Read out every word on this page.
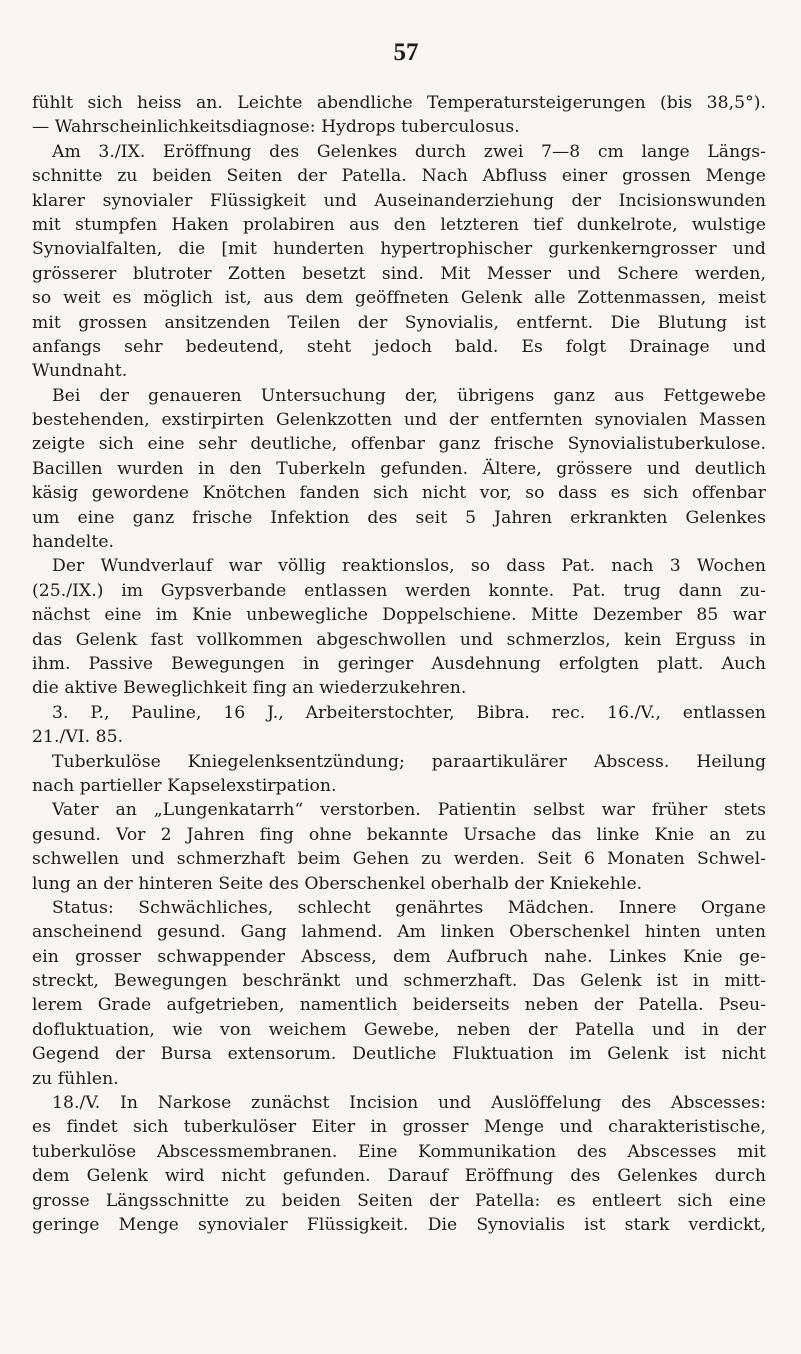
57
fühlt sich heiss an. Leichte abendliche Temperatursteigerungen (bis 38,5°).
— Wahrscheinlichkeitsdiagnose: Hydrops tuberculosus.
Am 3./IX. Eröffnung des Gelenkes durch zwei 7—8 cm lange Längs-
schnitte zu beiden Seiten der Patella. Nach Abfluss einer grossen Menge
klarer synovialer Flüssigkeit und Auseinanderziehung der Incisionswunden
mit stumpfen Haken prolabiren aus den letzteren tief dunkelrote, wulstige
Synovialfalten, die [mit hunderten hypertrophischer gurkenkerngrosser und
grösserer blutroter Zotten besetzt sind. Mit Messer und Schere werden,
so weit es möglich ist, aus dem geöffneten Gelenk alle Zottenmassen, meist
mit grossen ansitzenden Teilen der Synovialis, entfernt. Die Blutung ist
anfangs sehr bedeutend, steht jedoch bald. Es folgt Drainage und
Wundnaht.
Bei der genaueren Untersuchung der, übrigens ganz aus Fettgewebe
bestehenden, exstirpirten Gelenkzotten und der entfernten synovialen Massen
zeigte sich eine sehr deutliche, offenbar ganz frische Synovialistuberkulose.
Bacillen wurden in den Tuberkeln gefunden. Ältere, grössere und deutlich
käsig gewordene Knötchen fanden sich nicht vor, so dass es sich offenbar
um eine ganz frische Infektion des seit 5 Jahren erkrankten Gelenkes
handelte.
Der Wundverlauf war völlig reaktionslos, so dass Pat. nach 3 Wochen
(25./IX.) im Gypsverbande entlassen werden konnte. Pat. trug dann zu-
nächst eine im Knie unbewegliche Doppelschiene. Mitte Dezember 85 war
das Gelenk fast vollkommen abgeschwollen und schmerzlos, kein Erguss in
ihm. Passive Bewegungen in geringer Ausdehnung erfolgten platt. Auch
die aktive Beweglichkeit fing an wiederzukehren.
3. P., Pauline, 16 J., Arbeiterstochter, Bibra. rec. 16./V., entlassen
21./VI. 85.
Tuberkulöse Kniegelenksentzündung; paraartikulärer Abscess. Heilung
nach partieller Kapselexstirpation.
Vater an „Lungenkatarrh“ verstorben. Patientin selbst war früher stets
gesund. Vor 2 Jahren fing ohne bekannte Ursache das linke Knie an zu
schwellen und schmerzhaft beim Gehen zu werden. Seit 6 Monaten Schwel-
lung an der hinteren Seite des Oberschenkel oberhalb der Kniekehle.
Status: Schwächliches, schlecht genährtes Mädchen. Innere Organe
anscheinend gesund. Gang lahmend. Am linken Oberschenkel hinten unten
ein grosser schwappender Abscess, dem Aufbruch nahe. Linkes Knie ge-
streckt, Bewegungen beschränkt und schmerzhaft. Das Gelenk ist in mitt-
lerem Grade aufgetrieben, namentlich beiderseits neben der Patella. Pseu-
dofluktuation, wie von weichem Gewebe, neben der Patella und in der
Gegend der Bursa extensorum. Deutliche Fluktuation im Gelenk ist nicht
zu fühlen.
18./V. In Narkose zunächst Incision und Auslöffelung des Abscesses:
es findet sich tuberkulöser Eiter in grosser Menge und charakteristische,
tuberkulöse Abscessmembranen. Eine Kommunikation des Abscesses mit
dem Gelenk wird nicht gefunden. Darauf Eröffnung des Gelenkes durch
grosse Längsschnitte zu beiden Seiten der Patella: es entleert sich eine
geringe Menge synovialer Flüssigkeit. Die Synovialis ist stark verdickt,
